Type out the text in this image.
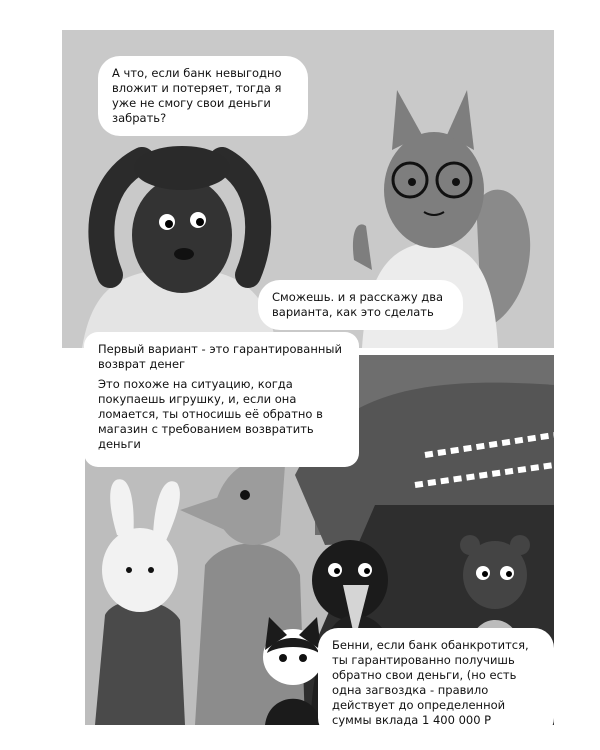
А что, если банк невыгодно вложит и потеряет, тогда я уже не смогу свои деньги забрать?
Сможешь. и я расскажу два варианта, как это сделать

Первый вариант - это гарантированный возврат денег

Это похоже на ситуацию, когда покупаешь игрушку, и, если она ломается, ты относишь её обратно в магазин с требованием возвратить деньги

Бенни, если банк обанкротится, ты гарантированно получишь обратно свои деньги, (но есть одна загвоздка - правило действует до определенной суммы вклада 1 400 000 Р
